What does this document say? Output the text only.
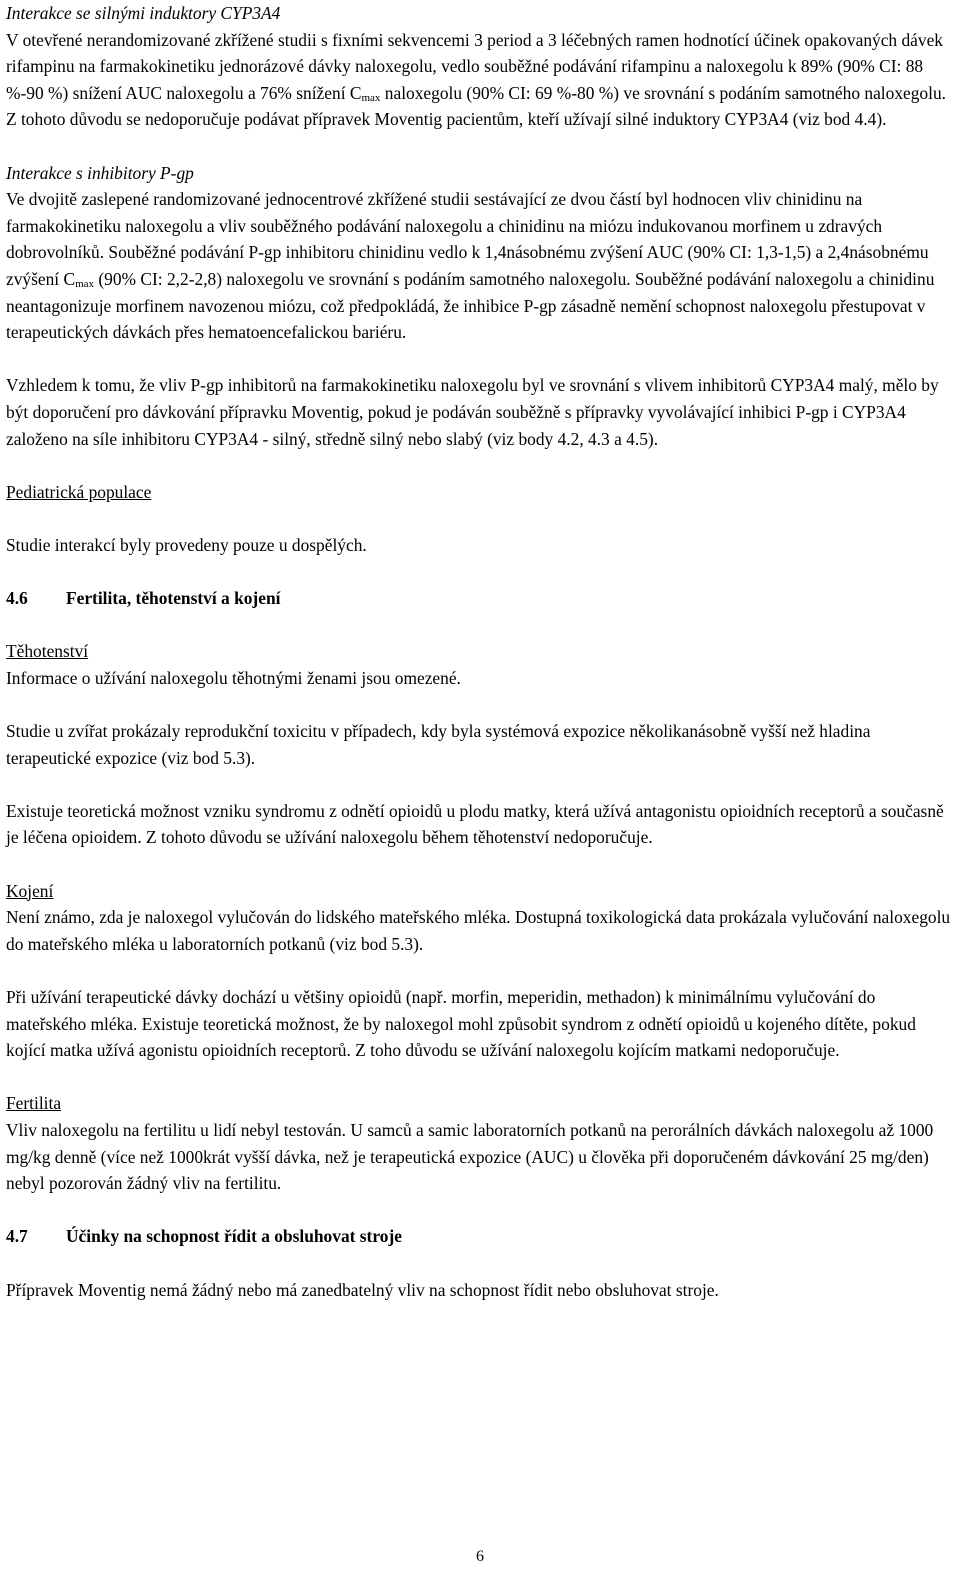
Interakce se silnými induktory CYP3A4

V otevřené nerandomizované zkřížené studii s fixními sekvencemi 3 period a 3 léčebných ramen hodnotící účinek opakovaných dávek rifampinu na farmakokinetiku jednorázové dávky naloxegolu, vedlo souběžné podávání rifampinu a naloxegolu k 89% (90% CI: 88 %-90 %) snížení AUC naloxegolu a 76% snížení $C_{max}$ naloxegolu (90% CI: 69 %-80 %) ve srovnání s podáním samotného naloxegolu. Z tohoto důvodu se nedoporučuje podávat přípravek Moventig pacientům, kteří užívají silné induktory CYP3A4 (viz bod 4.4).

Interakce s inhibitory P-gp

Ve dvojitě zaslepené randomizované jednocentrové zkřížené studii sestávající ze dvou částí byl hodnocen vliv chinidinu na farmakokinetiku naloxegolu a vliv souběžného podávání naloxegolu a chinidinu na miózu indukovanou morfinem u zdravých dobrovolníků. Souběžné podávání P-gp inhibitoru chinidinu vedlo k 1,4násobnému zvýšení AUC (90% CI: 1,3-1,5) a 2,4násobnému zvýšení $C_{max}$ (90% CI: 2,2-2,8) naloxegolu ve srovnání s podáním samotného naloxegolu. Souběžné podávání naloxegolu a chinidinu neantagonizuje morfinem navozenou miózu, což předpokládá, že inhibice P-gp zásadně nemění schopnost naloxegolu přestupovat v terapeutických dávkách přes hematoencefalickou bariéru.

Vzhledem k tomu, že vliv P-gp inhibitorů na farmakokinetiku naloxegolu byl ve srovnání s vlivem inhibitorů CYP3A4 malý, mělo by být doporučení pro dávkování přípravku Moventig, pokud je podáván souběžně s přípravky vyvolávající inhibici P-gp i CYP3A4 založeno na síle inhibitoru CYP3A4 - silný, středně silný nebo slabý (viz body 4.2, 4.3 a 4.5).

Pediatrická populace

Studie interakcí byly provedeny pouze u dospělých.

4.6 Fertilita, těhotenství a kojení

Těhotenství

Informace o užívání naloxegolu těhotnými ženami jsou omezené.

Studie u zvířat prokázaly reprodukční toxicitu v případech, kdy byla systémová expozice několikanásobně vyšší než hladina terapeutické expozice (viz bod 5.3).

Existuje teoretická možnost vzniku syndromu z odnětí opioidů u plodu matky, která užívá antagonistu opioidních receptorů a současně je léčena opioidem. Z tohoto důvodu se užívání naloxegolu během těhotenství nedoporučuje.

Kojení

Není známo, zda je naloxegol vylučován do lidského mateřského mléka. Dostupná toxikologická data prokázala vylučování naloxegolu do mateřského mléka u laboratorních potkanů (viz bod 5.3).

Při užívání terapeutické dávky dochází u většiny opioidů (např. morfin, meperidin, methadon) k minimálnímu vylučování do mateřského mléka. Existuje teoretická možnost, že by naloxegol mohl způsobit syndrom z odnětí opioidů u kojeného dítěte, pokud kojící matka užívá agonistu opioidních receptorů. Z toho důvodu se užívání naloxegolu kojícím matkami nedoporučuje.

Fertilita

Vliv naloxegolu na fertilitu u lidí nebyl testován. U samců a samic laboratorních potkanů na perorálních dávkách naloxegolu až 1000 mg/kg denně (více než 1000krát vyšší dávka, než je terapeutická expozice (AUC) u člověka při doporučeném dávkování 25 mg/den) nebyl pozorován žádný vliv na fertilitu.

4.7 Účinky na schopnost řídit a obsluhovat stroje

Přípravek Moventig nemá žádný nebo má zanedbatelný vliv na schopnost řídit nebo obsluhovat stroje.

6
